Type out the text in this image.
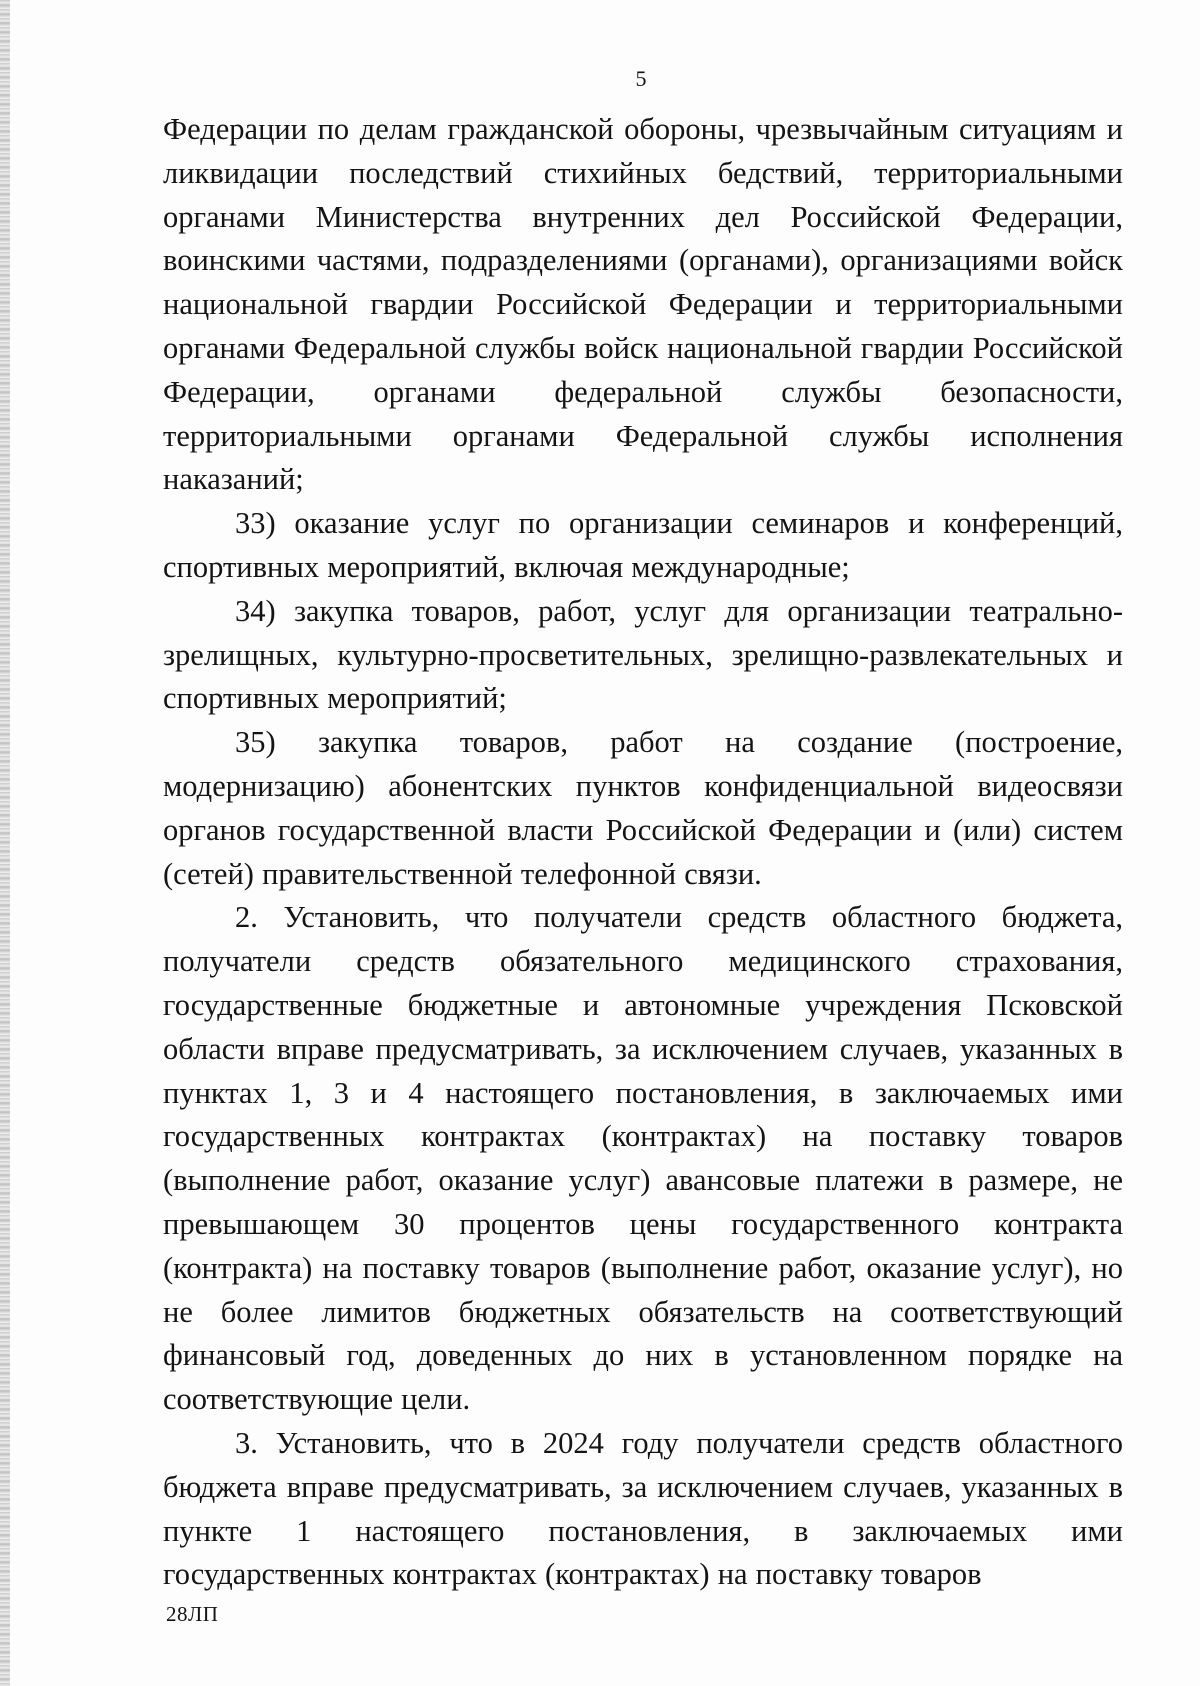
5

Федерации по делам гражданской обороны, чрезвычайным ситуациям и ликвидации последствий стихийных бедствий, территориальными органами Министерства внутренних дел Российской Федерации, воинскими частями, подразделениями (органами), организациями войск национальной гвардии Российской Федерации и территориальными органами Федеральной службы войск национальной гвардии Российской Федерации, органами федеральной службы безопасности, территориальными органами Федеральной службы исполнения наказаний;

33) оказание услуг по организации семинаров и конференций, спортивных мероприятий, включая международные;

34) закупка товаров, работ, услуг для организации театрально-зрелищных, культурно-просветительных, зрелищно-развлекательных и спортивных мероприятий;

35) закупка товаров, работ на создание (построение, модернизацию) абонентских пунктов конфиденциальной видеосвязи органов государственной власти Российской Федерации и (или) систем (сетей) правительственной телефонной связи.

2. Установить, что получатели средств областного бюджета, получатели средств обязательного медицинского страхования, государственные бюджетные и автономные учреждения Псковской области вправе предусматривать, за исключением случаев, указанных в пунктах 1, 3 и 4 настоящего постановления, в заключаемых ими государственных контрактах (контрактах) на поставку товаров (выполнение работ, оказание услуг) авансовые платежи в размере, не превышающем 30 процентов цены государственного контракта (контракта) на поставку товаров (выполнение работ, оказание услуг), но не более лимитов бюджетных обязательств на соответствующий финансовый год, доведенных до них в установленном порядке на соответствующие цели.

3. Установить, что в 2024 году получатели средств областного бюджета вправе предусматривать, за исключением случаев, указанных в пункте 1 настоящего постановления, в заключаемых ими государственных контрактах (контрактах) на поставку товаров

28ЛП
